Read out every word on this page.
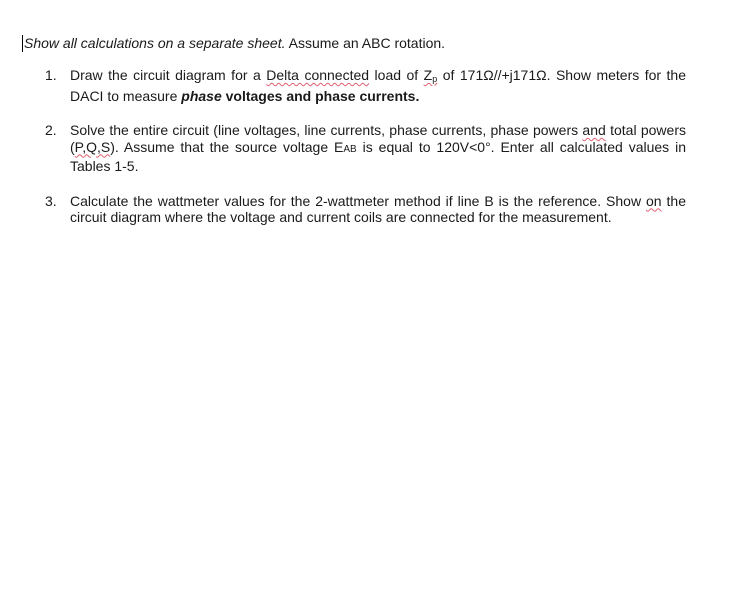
Show all calculations on a separate sheet. Assume an ABC rotation.
1. Draw the circuit diagram for a Delta connected load of $Z_p$ of 171Ω//+j171Ω. Show meters for the DACI to measure phase voltages and phase currents.
2. Solve the entire circuit (line voltages, line currents, phase currents, phase powers and total powers (P,Q,S). Assume that the source voltage EAB is equal to 120V<0°. Enter all calculated values in Tables 1-5.
3. Calculate the wattmeter values for the 2-wattmeter method if line B is the reference. Show on the circuit diagram where the voltage and current coils are connected for the measurement.
